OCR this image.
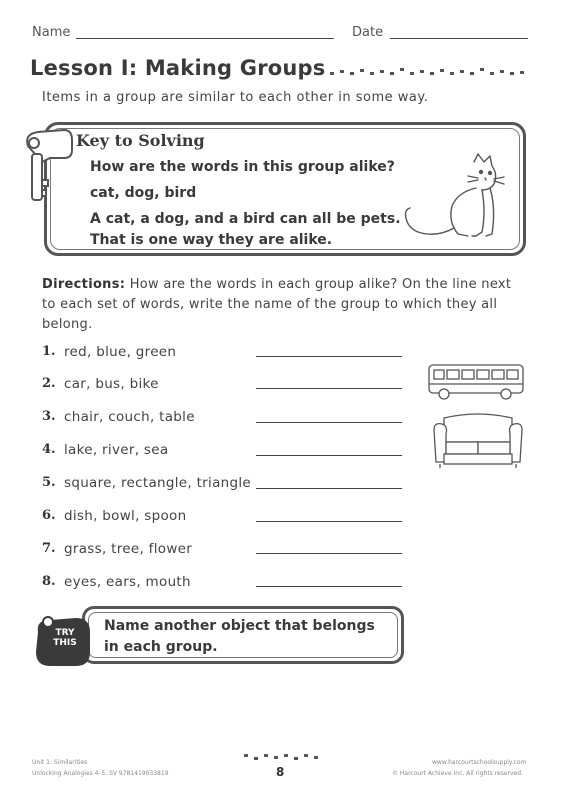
Name	Date
Lesson I: Making Groups
Items in a group are similar to each other in some way.
Key to Solving
How are the words in this group alike?
cat, dog, bird
A cat, a dog, and a bird can all be pets.
That is one way they are alike.
Directions: How are the words in each group alike? On the line next to each set of words, write the name of the group to which they all belong.
1. red, blue, green
2. car, bus, bike
3. chair, couch, table
4. lake, river, sea
5. square, rectangle, triangle
6. dish, bowl, spoon
7. grass, tree, flower
8. eyes, ears, mouth
TRY
THIS
Name another object that belongs
in each group.
Unit 1: Similarities
Unlocking Analogies 4–5, SV 9781419033819	8
www.harcourtschoolsupply.com
© Harcourt Achieve Inc. All rights reserved.
